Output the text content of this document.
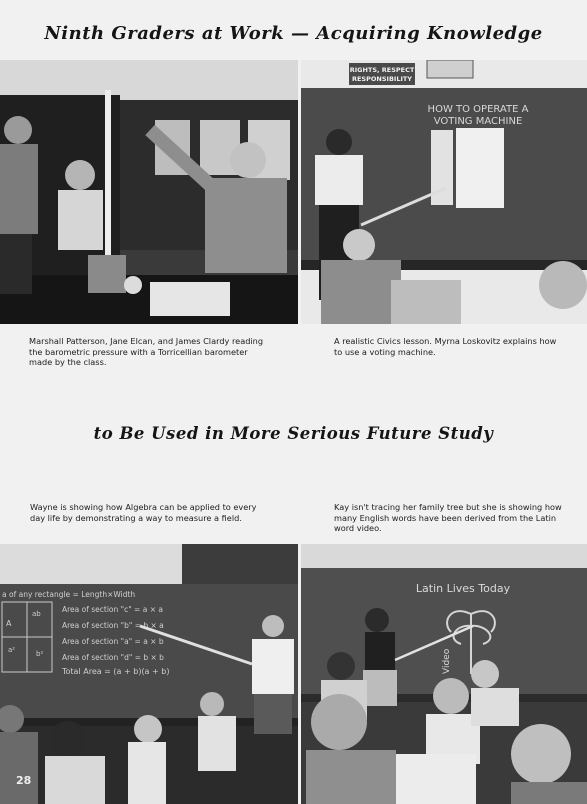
Ninth Graders at Work — Acquiring Knowledge
RIGHTS, RESPECT
RESPONSIBILITY
HOW TO OPERATE A
VOTING MACHINE
Marshall Patterson, Jane Elcan, and James Clardy reading the barometric pressure with a Torricellian barometer made by the class.
A realistic Civics lesson. Myrna Loskovitz explains how to use a voting machine.
to Be Used in More Serious Future Study
Wayne is showing how Algebra can be applied to every day life by demonstrating a way to measure a field.
Kay isn't tracing her family tree but she is showing how many English words have been derived from the Latin word video.
a of any rectangle = Length×Width
Area of section "c" = a × a
Area of section "b" = b × a
Area of section "a" = a × b
Area of section "d" = b × b
Total Area = (a + b)(a + b)
A
ab
b²
a²
Latin Lives Today
Video
28
